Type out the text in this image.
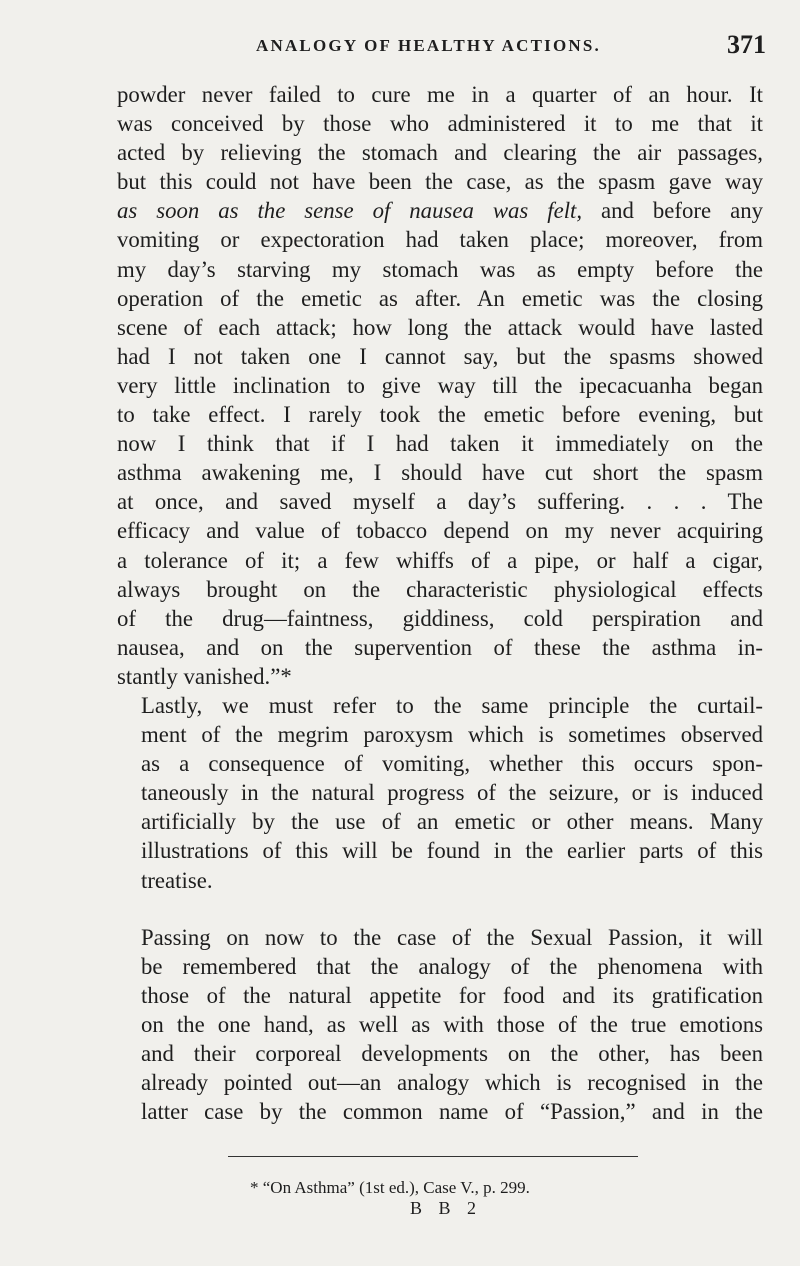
ANALOGY OF HEALTHY ACTIONS.	371
powder never failed to cure me in a quarter of an hour. It
was conceived by those who administered it to me that it
acted by relieving the stomach and clearing the air passages,
but this could not have been the case, as the spasm gave way
as soon as the sense of nausea was felt, and before any
vomiting or expectoration had taken place; moreover, from
my day’s starving my stomach was as empty before the
operation of the emetic as after. An emetic was the closing
scene of each attack; how long the attack would have lasted
had I not taken one I cannot say, but the spasms showed
very little inclination to give way till the ipecacuanha began
to take effect. I rarely took the emetic before evening, but
now I think that if I had taken it immediately on the
asthma awakening me, I should have cut short the spasm
at once, and saved myself a day’s suffering. . . . The
efficacy and value of tobacco depend on my never acquiring
a tolerance of it; a few whiffs of a pipe, or half a cigar,
always brought on the characteristic physiological effects
of the drug—faintness, giddiness, cold perspiration and
nausea, and on the supervention of these the asthma in-
stantly vanished.”*
Lastly, we must refer to the same principle the curtail-
ment of the megrim paroxysm which is sometimes observed
as a consequence of vomiting, whether this occurs spon-
taneously in the natural progress of the seizure, or is induced
artificially by the use of an emetic or other means. Many
illustrations of this will be found in the earlier parts of this
treatise.
Passing on now to the case of the Sexual Passion, it will
be remembered that the analogy of the phenomena with
those of the natural appetite for food and its gratification
on the one hand, as well as with those of the true emotions
and their corporeal developments on the other, has been
already pointed out—an analogy which is recognised in the
latter case by the common name of “Passion,” and in the
* “On Asthma” (1st ed.), Case V., p. 299.
B B 2
